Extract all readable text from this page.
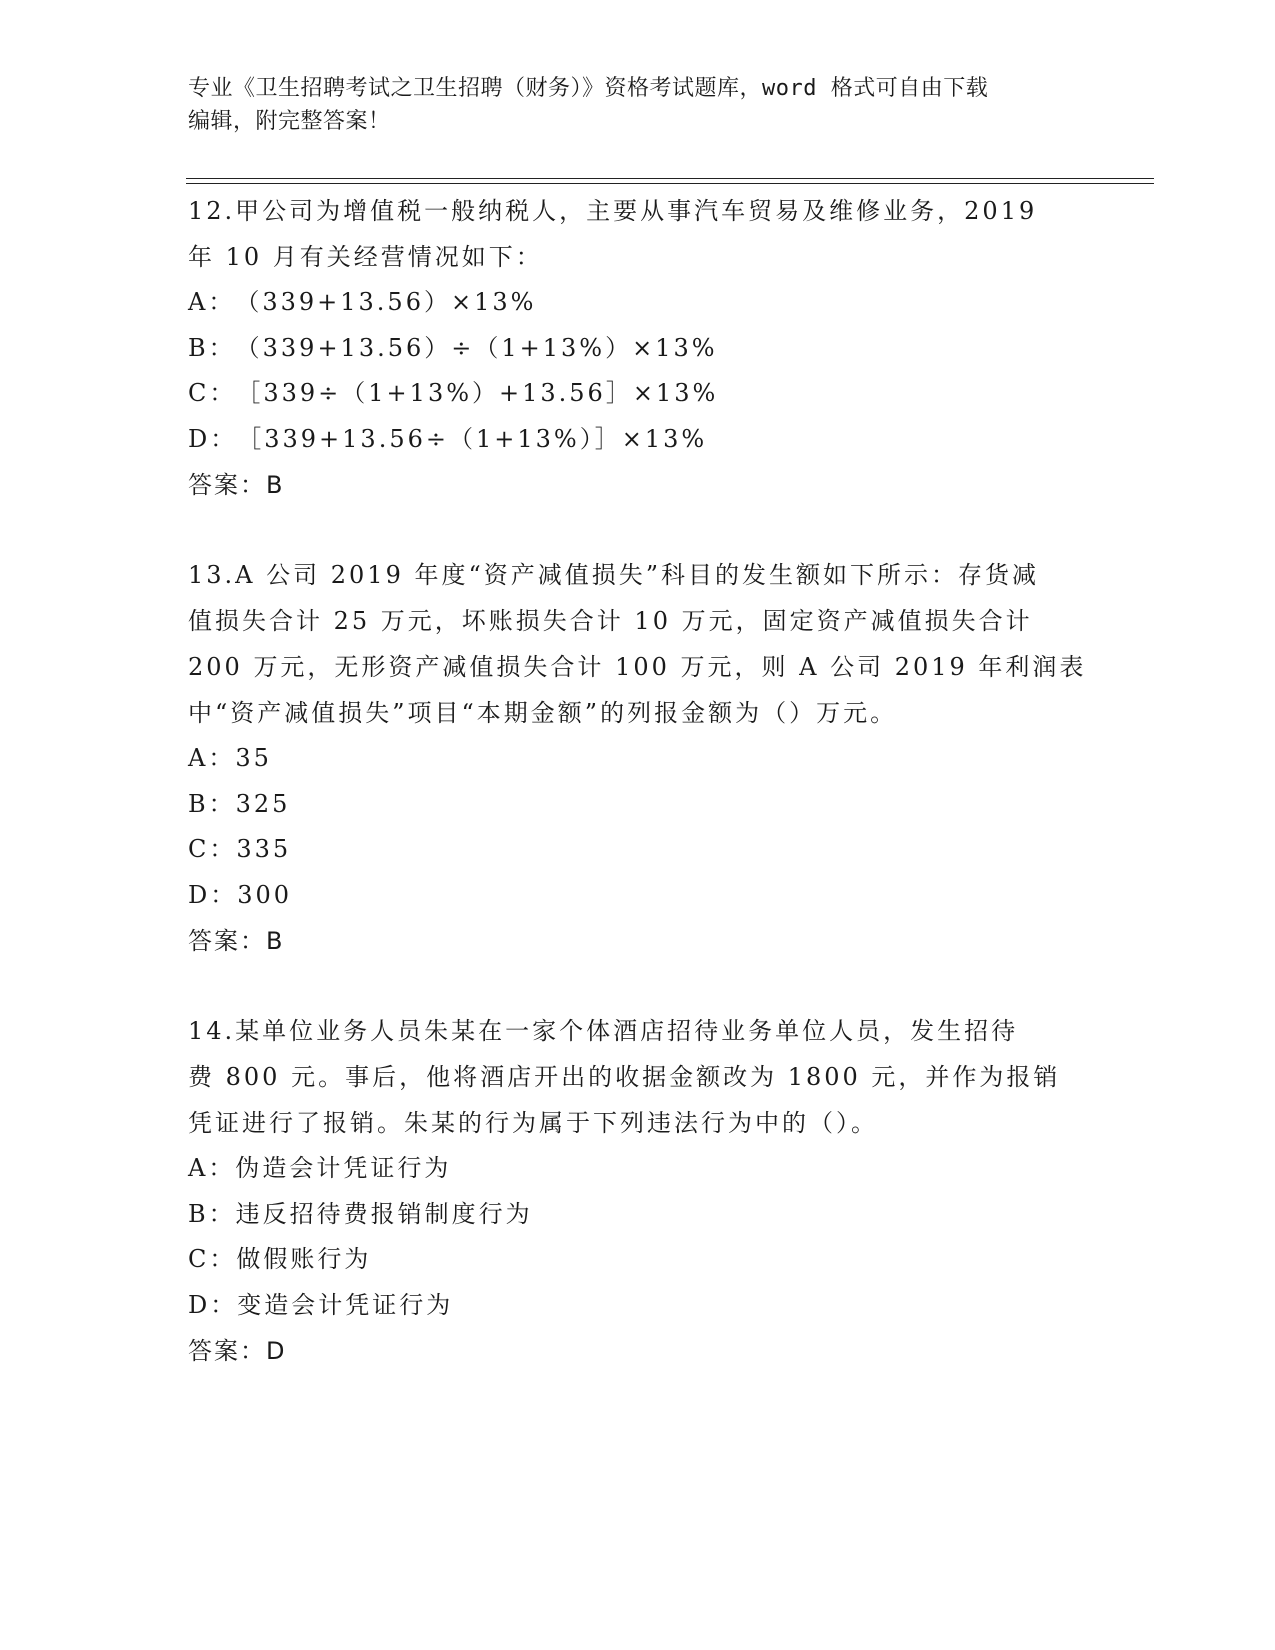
专业《卫生招聘考试之卫生招聘（财务）》资格考试题库，word 格式可自由下载
编辑，附完整答案！
12.甲公司为增值税一般纳税人，主要从事汽车贸易及维修业务，2019
年 10 月有关经营情况如下：
A：（339+13.56）×13%
B：（339+13.56）÷（1+13%）×13%
C：［339÷（1+13%）+13.56］×13%
D：［339+13.56÷（1+13%）］×13%
答案：B
13.A 公司 2019 年度“资产减值损失”科目的发生额如下所示：存货减
值损失合计 25 万元，坏账损失合计 10 万元，固定资产减值损失合计
200 万元，无形资产减值损失合计 100 万元，则 A 公司 2019 年利润表
中“资产减值损失”项目“本期金额”的列报金额为（）万元。
A：35
B：325
C：335
D：300
答案：B
14.某单位业务人员朱某在一家个体酒店招待业务单位人员，发生招待
费 800 元。事后，他将酒店开出的收据金额改为 1800 元，并作为报销
凭证进行了报销。朱某的行为属于下列违法行为中的（）。
A：伪造会计凭证行为
B：违反招待费报销制度行为
C：做假账行为
D：变造会计凭证行为
答案：D
